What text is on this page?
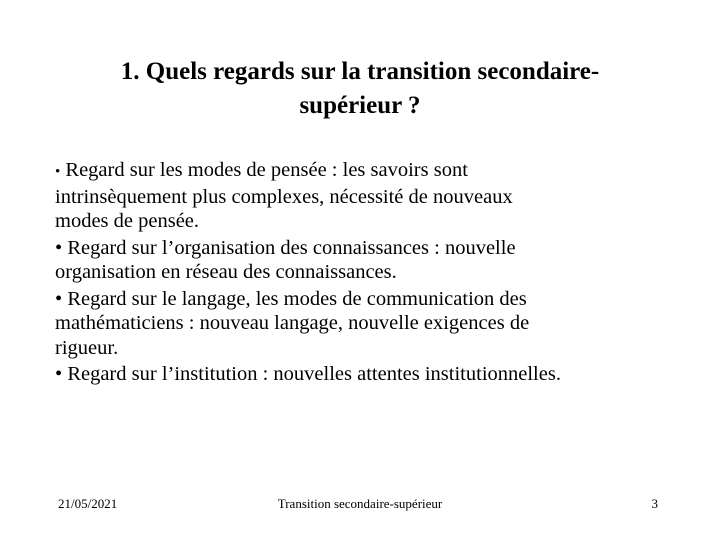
1. Quels regards sur la transition secondaire-
supérieur ?
• Regard sur les modes de pensée : les savoirs sont
intrinsèquement plus complexes, nécessité de nouveaux
modes de pensée.
• Regard sur l’organisation des connaissances : nouvelle
organisation en réseau des connaissances.
• Regard sur le langage, les modes de communication des
mathématiciens : nouveau langage, nouvelle exigences de
rigueur.
• Regard sur l’institution : nouvelles attentes institutionnelles.
21/05/2021	Transition secondaire-supérieur	3
